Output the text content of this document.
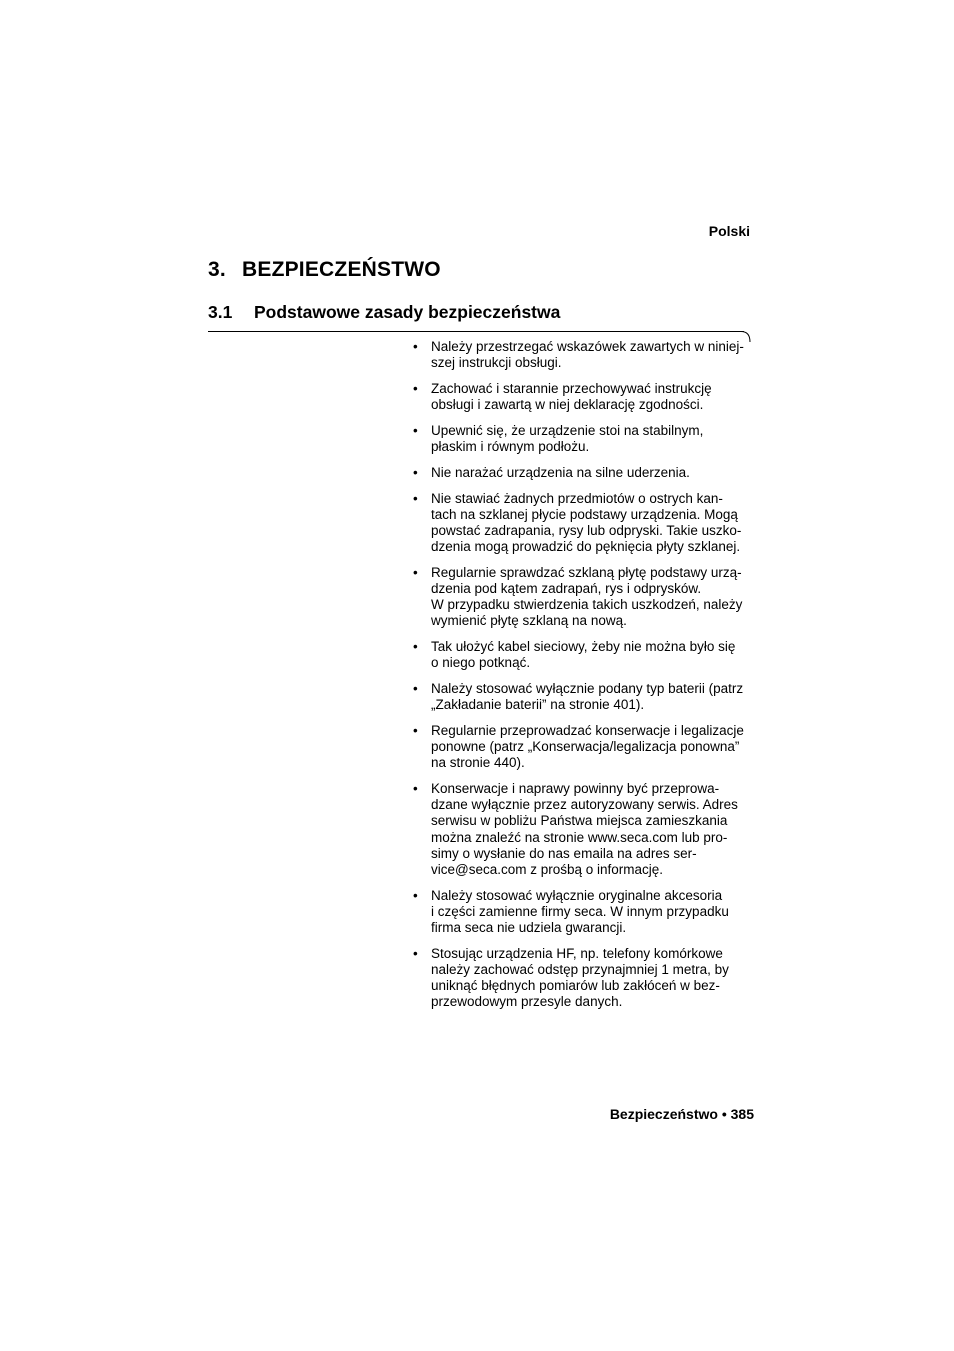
Polski
3. BEZPIECZEŃSTWO
3.1 Podstawowe zasady bezpieczeństwa
• Należy przestrzegać wskazówek zawartych w niniej-
szej instrukcji obsługi.
• Zachować i starannie przechowywać instrukcję
obsługi i zawartą w niej deklarację zgodności.
• Upewnić się, że urządzenie stoi na stabilnym,
płaskim i równym podłożu.
• Nie narażać urządzenia na silne uderzenia.
• Nie stawiać żadnych przedmiotów o ostrych kan-
tach na szklanej płycie podstawy urządzenia. Mogą
powstać zadrapania, rysy lub odpryski. Takie uszko-
dzenia mogą prowadzić do pęknięcia płyty szklanej.
• Regularnie sprawdzać szklaną płytę podstawy urzą-
dzenia pod kątem zadrapań, rys i odprysków.
W przypadku stwierdzenia takich uszkodzeń, należy
wymienić płytę szklaną na nową.
• Tak ułożyć kabel sieciowy, żeby nie można było się
o niego potknąć.
• Należy stosować wyłącznie podany typ baterii (patrz
„Zakładanie baterii” na stronie 401).
• Regularnie przeprowadzać konserwacje i legalizacje
ponowne (patrz „Konserwacja/legalizacja ponowna”
na stronie 440).
• Konserwacje i naprawy powinny być przeprowa-
dzane wyłącznie przez autoryzowany serwis. Adres
serwisu w pobliżu Państwa miejsca zamieszkania
można znaleźć na stronie www.seca.com lub pro-
simy o wysłanie do nas emaila na adres ser-
vice@seca.com z prośbą o informację.
• Należy stosować wyłącznie oryginalne akcesoria
i części zamienne firmy seca. W innym przypadku
firma seca nie udziela gwarancji.
• Stosując urządzenia HF, np. telefony komórkowe
należy zachować odstęp przynajmniej 1 metra, by
uniknąć błędnych pomiarów lub zakłóceń w bez-
przewodowym przesyle danych.
Bezpieczeństwo • 385
